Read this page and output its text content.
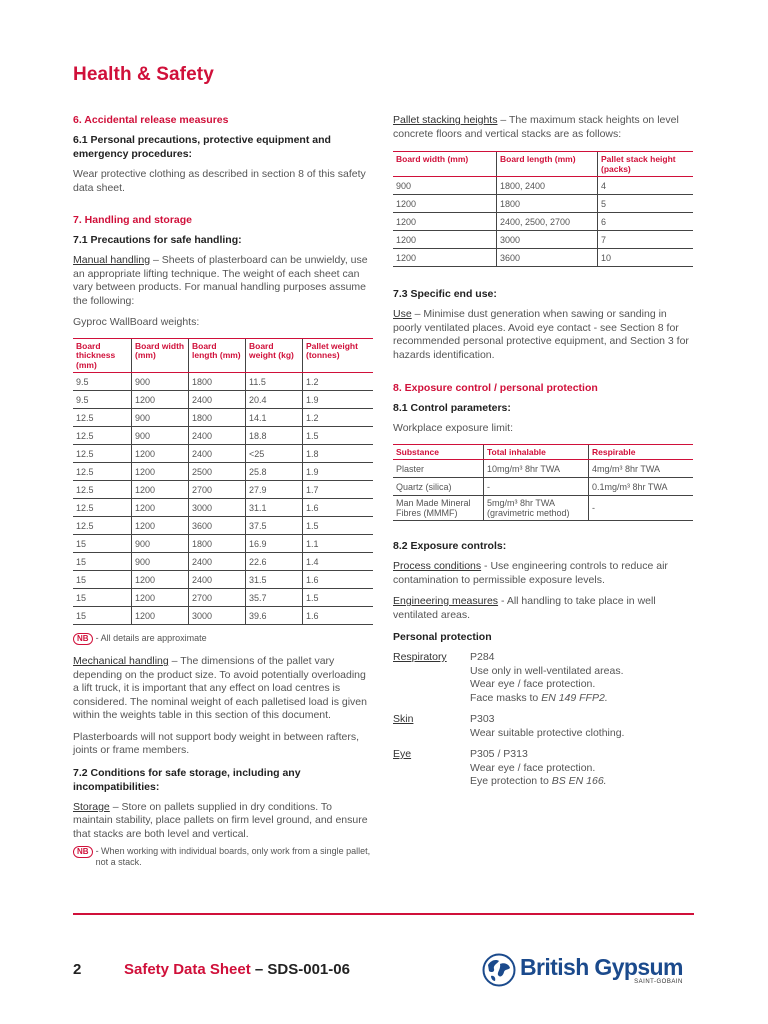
Health & Safety
6. Accidental release measures
6.1 Personal precautions, protective equipment and emergency procedures:

Wear protective clothing as described in section 8 of this safety data sheet.

7. Handling and storage
7.1 Precautions for safe handling:

Manual handling – Sheets of plasterboard can be unwieldy, use an appropriate lifting technique. The weight of each sheet can vary between products. For manual handling purposes assume the following:

Gyproc WallBoard weights:

Board thickness (mm)	Board width (mm)	Board length (mm)	Board weight (kg)	Pallet weight (tonnes)
9.5	900	1800	11.5	1.2
9.5	1200	2400	20.4	1.9
12.5	900	1800	14.1	1.2
12.5	900	2400	18.8	1.5
12.5	1200	2400	<25	1.8
12.5	1200	2500	25.8	1.9
12.5	1200	2700	27.9	1.7
12.5	1200	3000	31.1	1.6
12.5	1200	3600	37.5	1.5
15	900	1800	16.9	1.1
15	900	2400	22.6	1.4
15	1200	2400	31.5	1.6
15	1200	2700	35.7	1.5
15	1200	3000	39.6	1.6
NB - All details are approximate

Mechanical handling – The dimensions of the pallet vary depending on the product size. To avoid potentially overloading a lift truck, it is important that any effect on load centres is considered. The nominal weight of each palletised load is given within the weights table in this section of this document.

Plasterboards will not support body weight in between rafters, joints or frame members.

7.2 Conditions for safe storage, including any incompatibilities:

Storage – Store on pallets supplied in dry conditions. To maintain stability, place pallets on firm level ground, and ensure that stacks are both level and vertical.

NB - When working with individual boards, only work from a single pallet, not a stack.

Pallet stacking heights – The maximum stack heights on level concrete floors and vertical stacks are as follows:

Board width (mm)	Board length (mm)	Pallet stack height (packs)
900	1800, 2400	4
1200	1800	5
1200	2400, 2500, 2700	6
1200	3000	7
1200	3600	10
7.3 Specific end use:

Use – Minimise dust generation when sawing or sanding in poorly ventilated places. Avoid eye contact - see Section 8 for recommended personal protective equipment, and Section 3 for hazards identification.

8. Exposure control / personal protection
8.1 Control parameters:

Workplace exposure limit:

Substance	Total inhalable	Respirable
Plaster	10mg/m³ 8hr TWA	4mg/m³ 8hr TWA
Quartz (silica)	-	0.1mg/m³ 8hr TWA
Man Made Mineral Fibres (MMMF)	5mg/m³ 8hr TWA (gravimetric method)	-
8.2 Exposure controls:

Process conditions - Use engineering controls to reduce air contamination to permissible exposure levels.

Engineering measures - All handling to take place in well ventilated areas.

Personal protection
Respiratory	P284
Use only in well-ventilated areas.
Wear eye / face protection.
Face masks to EN 149 FFP2.
Skin	P303
Wear suitable protective clothing.
Eye	P305 / P313
Wear eye / face protection.
Eye protection to BS EN 166.
2	Safety Data Sheet – SDS-001-06	British Gypsum
SAINT-GOBAIN
